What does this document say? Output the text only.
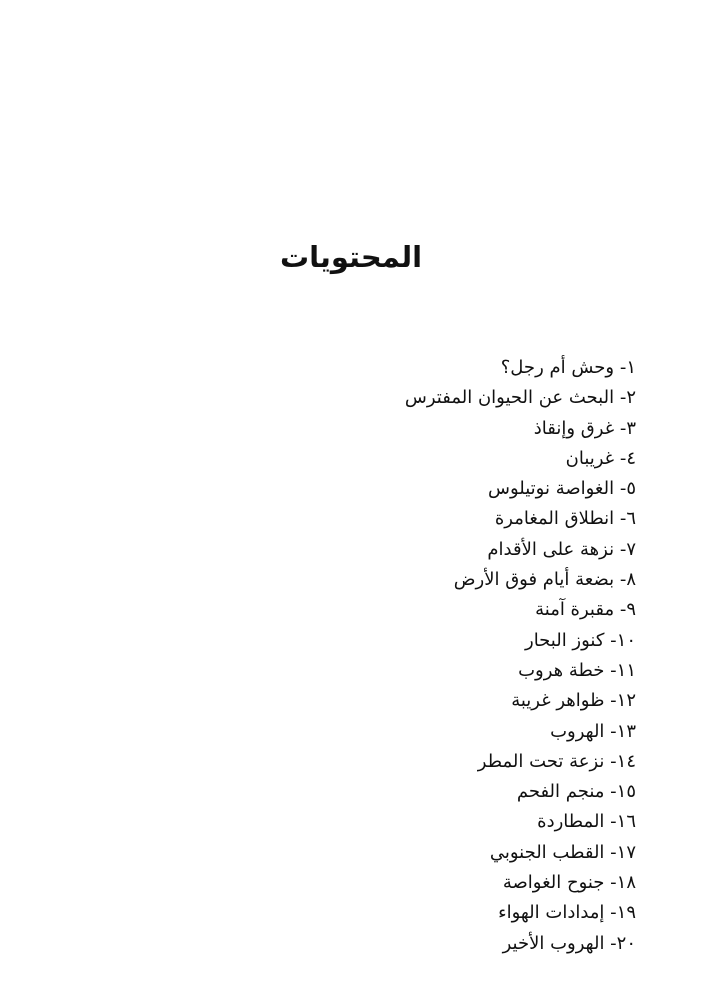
المحتويات
١- وحش أم رجل؟
٢- البحث عن الحيوان المفترس
٣- غرق وإنقاذ
٤- غريبان
٥- الغواصة نوتيلوس
٦- انطلاق المغامرة
٧- نزهة على الأقدام
٨- بضعة أيام فوق الأرض
٩- مقبرة آمنة
١٠- كنوز البحار
١١- خطة هروب
١٢- ظواهر غريبة
١٣- الهروب
١٤- نزعة تحت المطر
١٥- منجم الفحم
١٦- المطاردة
١٧- القطب الجنوبي
١٨- جنوح الغواصة
١٩- إمدادات الهواء
٢٠- الهروب الأخير
